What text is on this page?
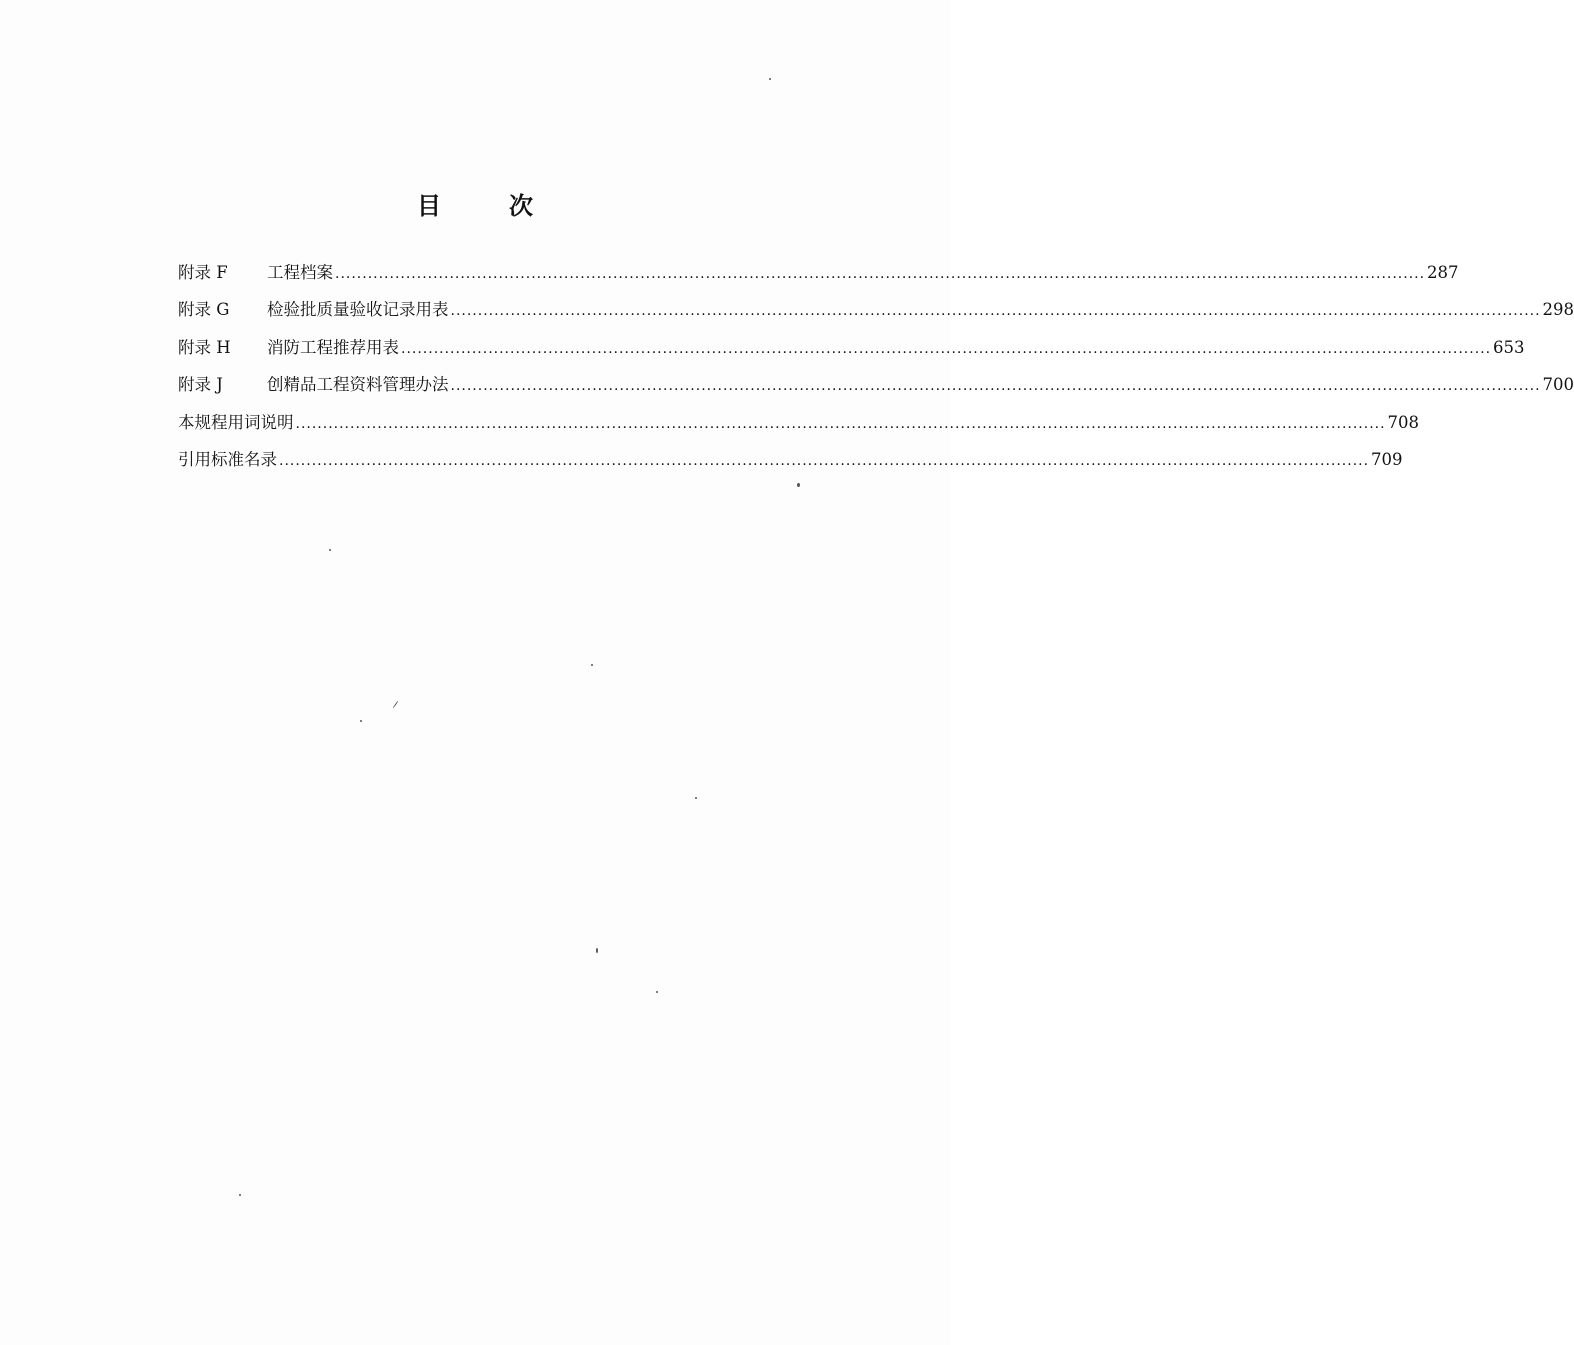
目　次
附录 F	工程档案 ........................................................................................................................................................................................................ 287
附录 G	检验批质量验收记录用表 ........................................................................................................................................................................................................ 298
附录 H	消防工程推荐用表 ........................................................................................................................................................................................................ 653
附录 J	创精品工程资料管理办法 ........................................................................................................................................................................................................ 700
本规程用词说明 ........................................................................................................................................................................................................ 708
引用标准名录 ........................................................................................................................................................................................................ 709
